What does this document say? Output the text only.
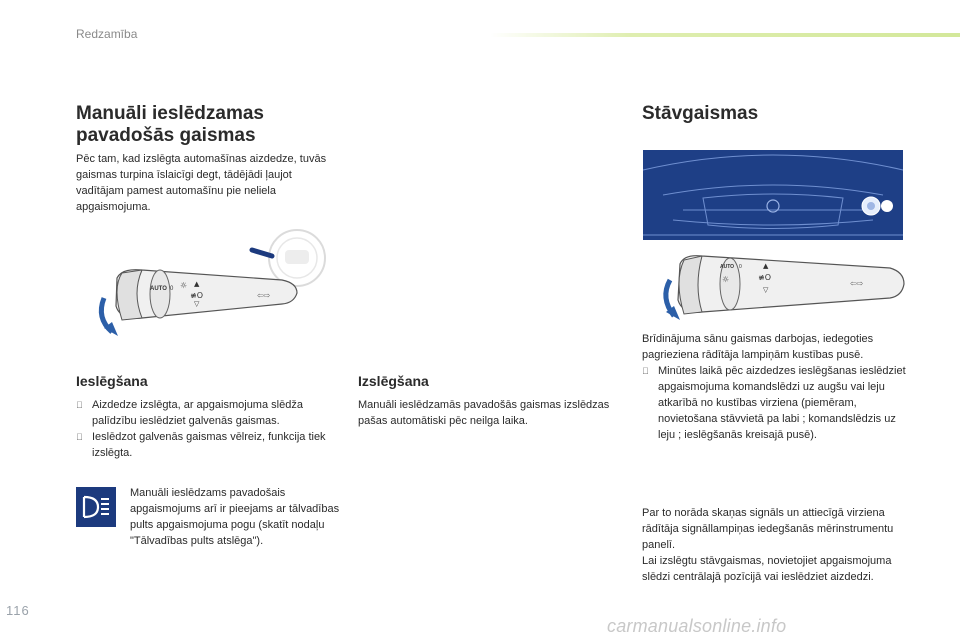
Redzamība
Manuāli ieslēdzamas
pavadošās gaismas
Pēc tam, kad izslēgta automašīnas aizdedze, tuvās gaismas turpina īslaicīgi degt, tādējādi ļaujot vadītājam pamest automašīnu pie neliela apgaismojuma.
AUTO 0 ☼ ▲
▽
≢O	⇦⇨
Ieslēgšana
Aizdedze izslēgta, ar apgaismojuma slēdža palīdzību ieslēdziet galvenās gaismas.
Ieslēdzot galvenās gaismas vēlreiz, funkcija tiek izslēgta.
Manuāli ieslēdzams pavadošais apgaismojums arī ir pieejams ar tālvadības pults apgaismojuma pogu (skatīt nodaļu "Tālvadības pults atslēga").
Izslēgšana
Manuāli ieslēdzamās pavadošās gaismas izslēdzas pašas automātiski pēc neilga laika.
Stāvgaismas
AUTO 0
☼
▲
≢O
▽
⇦⇨
Brīdinājuma sānu gaismas darbojas, iedegoties pagrieziena rādītāja lampiņām kustības pusē.
Minūtes laikā pēc aizdedzes ieslēgšanas ieslēdziet apgaismojuma komandslēdzi uz augšu vai leju atkarībā no kustības virziena (piemēram, novietošana stāvvietā pa labi ; komandslēdzis uz leju ; ieslēgšanās kreisajā pusē).
Par to norāda skaņas signāls un attiecīgā virziena rādītāja signāllampiņas iedegšanās mērinstrumentu panelī.
Lai izslēgtu stāvgaismas, novietojiet apgaismojuma slēdzi centrālajā pozīcijā vai ieslēdziet aizdedzi.
116
carmanualsonline.info
